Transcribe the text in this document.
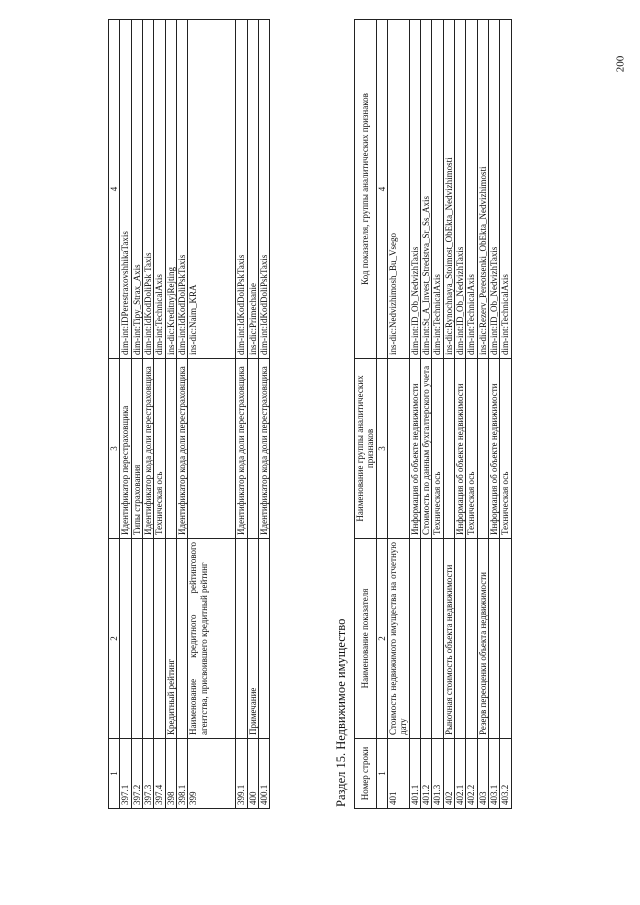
200
1	2	3	4
397.1		Идентификатор перестраховщика	dim-int:IDPerestraxovshhikaTaxis
397.2		Типы страхования	dim-int:Tipy_Strax_Axis
397.3		Идентификатор кода доли перестраховщика	dim-int:IdKodDoliPsk Taxis
397.4		Техническая ось	dim-int:TechnicalAxis
398	Кредитный рейтинг		ins-dic:KreditnyjRejting
398.1		Идентификатор кода доли перестраховщика	dim-int:IdKodDoliPskTaxis
399	Наименование кредитного рейтингового агентства, присвоившего кредитный рейтинг		ins-dic:Naim_KRA
399.1		Идентификатор кода доли перестраховщика	dim-int:IdKodDoliPskTaxis
400	Примечание		ins-dic:Primechanie
400.1		Идентификатор кода доли перестраховщика	dim-int:IdKodDoliPskTaxis
Раздел 15. Недвижимое имущество Номер строки	Наименование показателя	Наименование группы аналитических признаков	Код показателя, группы аналитических признаков
1	2	3	4
401	Стоимость недвижимого имущества на отчетную дату		ins-dic:Nedvizhimosh_Bu_Vsego
401.1		Информация об объекте недвижимости	dim-int:ID_Ob_NedvizhTaxis
401.2		Стоимость по данным бухгалтерского учета	dim-int:St_A_Invest_Stredstva_Sr_Ss_Axis
401.3		Техническая ось	dim-int:TechnicalAxis
402	Рыночная стоимость объекта недвижимости		ins-dic:Rynochnaya_Stoimost_ObEkta_Nedvizhimosti
402.1		Информация об объекте недвижимости	dim-int:ID_Ob_NedvizhTaxis
402.2		Техническая ось	dim-int:TechnicalAxis
403	Резерв переоценки объекта недвижимости		ins-dic:Rezerv_Pereotsenki_ObEkta_Nedvizhimosti
403.1		Информация об объекте недвижимости	dim-int:ID_Ob_NedvizhTaxis
403.2		Техническая ось	dim-int:TechnicalAxis
